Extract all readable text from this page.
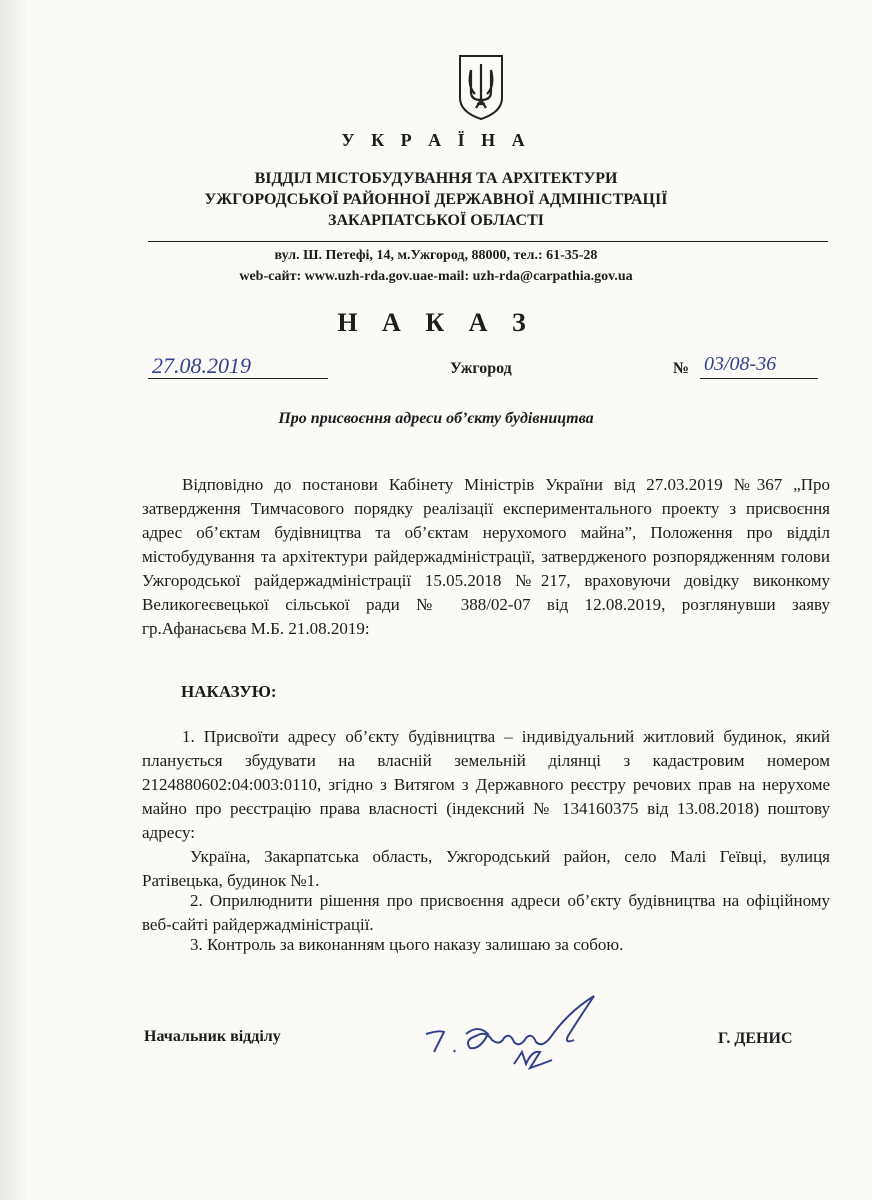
У К Р А Ї Н А
ВІДДІЛ МІСТОБУДУВАННЯ ТА АРХІТЕКТУРИ
УЖГОРОДСЬКОЇ РАЙОННОЇ ДЕРЖАВНОЇ АДМІНІСТРАЦІЇ
ЗАКАРПАТСЬКОЇ ОБЛАСТІ
вул. Ш. Петефі, 14, м.Ужгород, 88000, тел.: 61-35-28
web-сайт: www.uzh-rda.gov.uae-mail: uzh-rda@carpathia.gov.ua
Н А К А З
27.08.2019	Ужгород	№ 03/08-36
Про присвоєння адреси об’єкту будівництва
Відповідно до постанови Кабінету Міністрів України від 27.03.2019 №367 „Про затвердження Тимчасового порядку реалізації експериментального проекту з присвоєння адрес об’єктам будівництва та об’єктам нерухомого майна”, Положення про відділ містобудування та архітектури райдержадміністрації, затвердженого розпорядженням голови Ужгородської райдержадміністрації 15.05.2018 №217, враховуючи довідку виконкому Великогеєвецької сільської ради № 388/02-07 від 12.08.2019, розглянувши заяву гр.Афанасьєва М.Б. 21.08.2019:
НАКАЗУЮ:
1. Присвоїти адресу об’єкту будівництва – індивідуальний житловий будинок, який планується збудувати на власній земельній ділянці з кадастровим номером 2124880602:04:003:0110, згідно з Витягом з Державного реєстру речових прав на нерухоме майно про реєстрацію права власності (індексний № 134160375 від 13.08.2018) поштову адресу:
Україна, Закарпатська область, Ужгородський район, село Малі Геївці, вулиця Ратівецька, будинок №1.
2. Оприлюднити рішення про присвоєння адреси об’єкту будівництва на офіційному веб-сайті райдержадміністрації.
3. Контроль за виконанням цього наказу залишаю за собою.
Начальник відділу	Г. ДЕНИС
